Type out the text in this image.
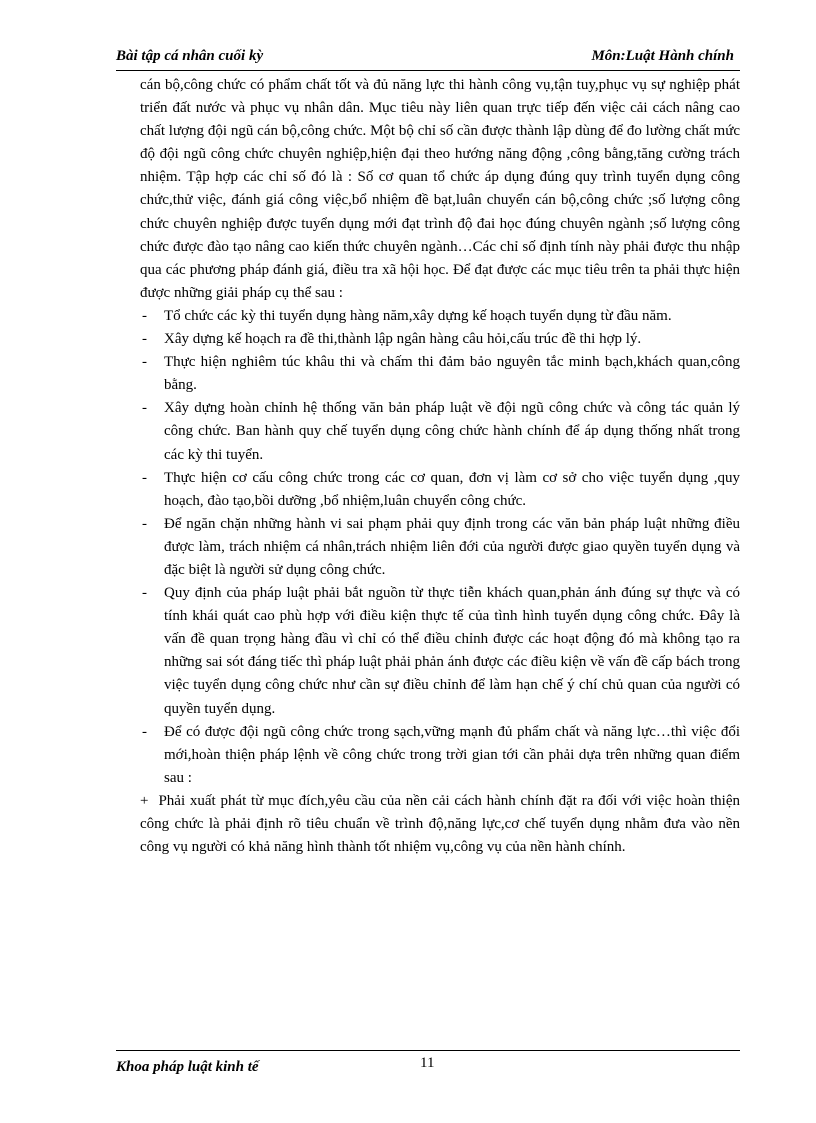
Bài tập cá nhân cuối kỳ	Môn:Luật Hành chính

cán bộ,công chức có phẩm chất tốt và đủ năng lực thi hành công vụ,tận tuy,phục vụ sự nghiệp phát triển đất nước và phục vụ nhân dân. Mục tiêu này liên quan trực tiếp đến việc cải cách nâng cao chất lượng đội ngũ cán bộ,công chức. Một bộ chỉ số cần được thành lập dùng để đo lường chất mức độ đội ngũ công chức chuyên nghiệp,hiện đại theo hướng năng động ,công bằng,tăng cường trách nhiệm. Tập hợp các chỉ số đó là : Số cơ quan tổ chức áp dụng đúng quy trình tuyển dụng công chức,thử việc, đánh giá công việc,bổ nhiệm đề bạt,luân chuyển cán bộ,công chức ;số lượng công chức chuyên nghiệp được tuyển dụng mới đạt trình độ đai học đúng chuyên ngành ;số lượng công chức được đào tạo nâng cao kiến thức chuyên ngành…Các chỉ số định tính này phải được thu nhập qua các phương pháp đánh giá, điều tra xã hội học. Để đạt được các mục tiêu trên ta phải thực hiện được những giải pháp cụ thể sau :

- Tổ chức các kỳ thi tuyển dụng hàng năm,xây dựng kế hoạch tuyển dụng từ đầu năm.
- Xây dựng kế hoạch ra đề thi,thành lập ngân hàng câu hỏi,cấu trúc đề thi hợp lý.
- Thực hiện nghiêm túc khâu thi và chấm thi đảm bảo nguyên tắc minh bạch,khách quan,công bằng.
- Xây dựng hoàn chỉnh hệ thống văn bản pháp luật về đội ngũ công chức và công tác quản lý công chức. Ban hành quy chế tuyển dụng công chức hành chính để áp dụng thống nhất trong các kỳ thi tuyển.
- Thực hiện cơ cấu công chức trong các cơ quan, đơn vị làm cơ sở cho việc tuyển dụng ,quy hoạch, đào tạo,bồi dưỡng ,bổ nhiệm,luân chuyển công chức.
- Để ngăn chặn những hành vi sai phạm phải quy định trong các văn bản pháp luật những điều được làm, trách nhiệm cá nhân,trách nhiệm liên đới của người được giao quyền tuyển dụng và đặc biệt là người sử dụng công chức.
- Quy định của pháp luật phải bắt nguồn từ thực tiễn khách quan,phản ánh đúng sự thực và có tính khái quát cao phù hợp với điều kiện thực tế của tình hình tuyển dụng công chức. Đây là vấn đề quan trọng hàng đầu vì chỉ có thể điều chỉnh được các hoạt động đó mà không tạo ra những sai sót đáng tiếc thì pháp luật phải phản ánh được các điều kiện về vấn đề cấp bách trong việc tuyển dụng công chức như cần sự điều chỉnh để làm hạn chế ý chí chủ quan của người có quyền tuyển dụng.
- Để có được đội ngũ công chức trong sạch,vững mạnh đủ phẩm chất và năng lực…thì việc đổi mới,hoàn thiện pháp lệnh về công chức trong trời gian tới cần phải dựa trên những quan điểm sau :

+ Phải xuất phát từ mục đích,yêu cầu của nền cải cách hành chính đặt ra đối với việc hoàn thiện công chức là phải định rõ tiêu chuẩn về trình độ,năng lực,cơ chế tuyển dụng nhằm đưa vào nền công vụ người có khả năng hình thành tốt nhiệm vụ,công vụ của nền hành chính.

Khoa pháp luật kinh tế	11
